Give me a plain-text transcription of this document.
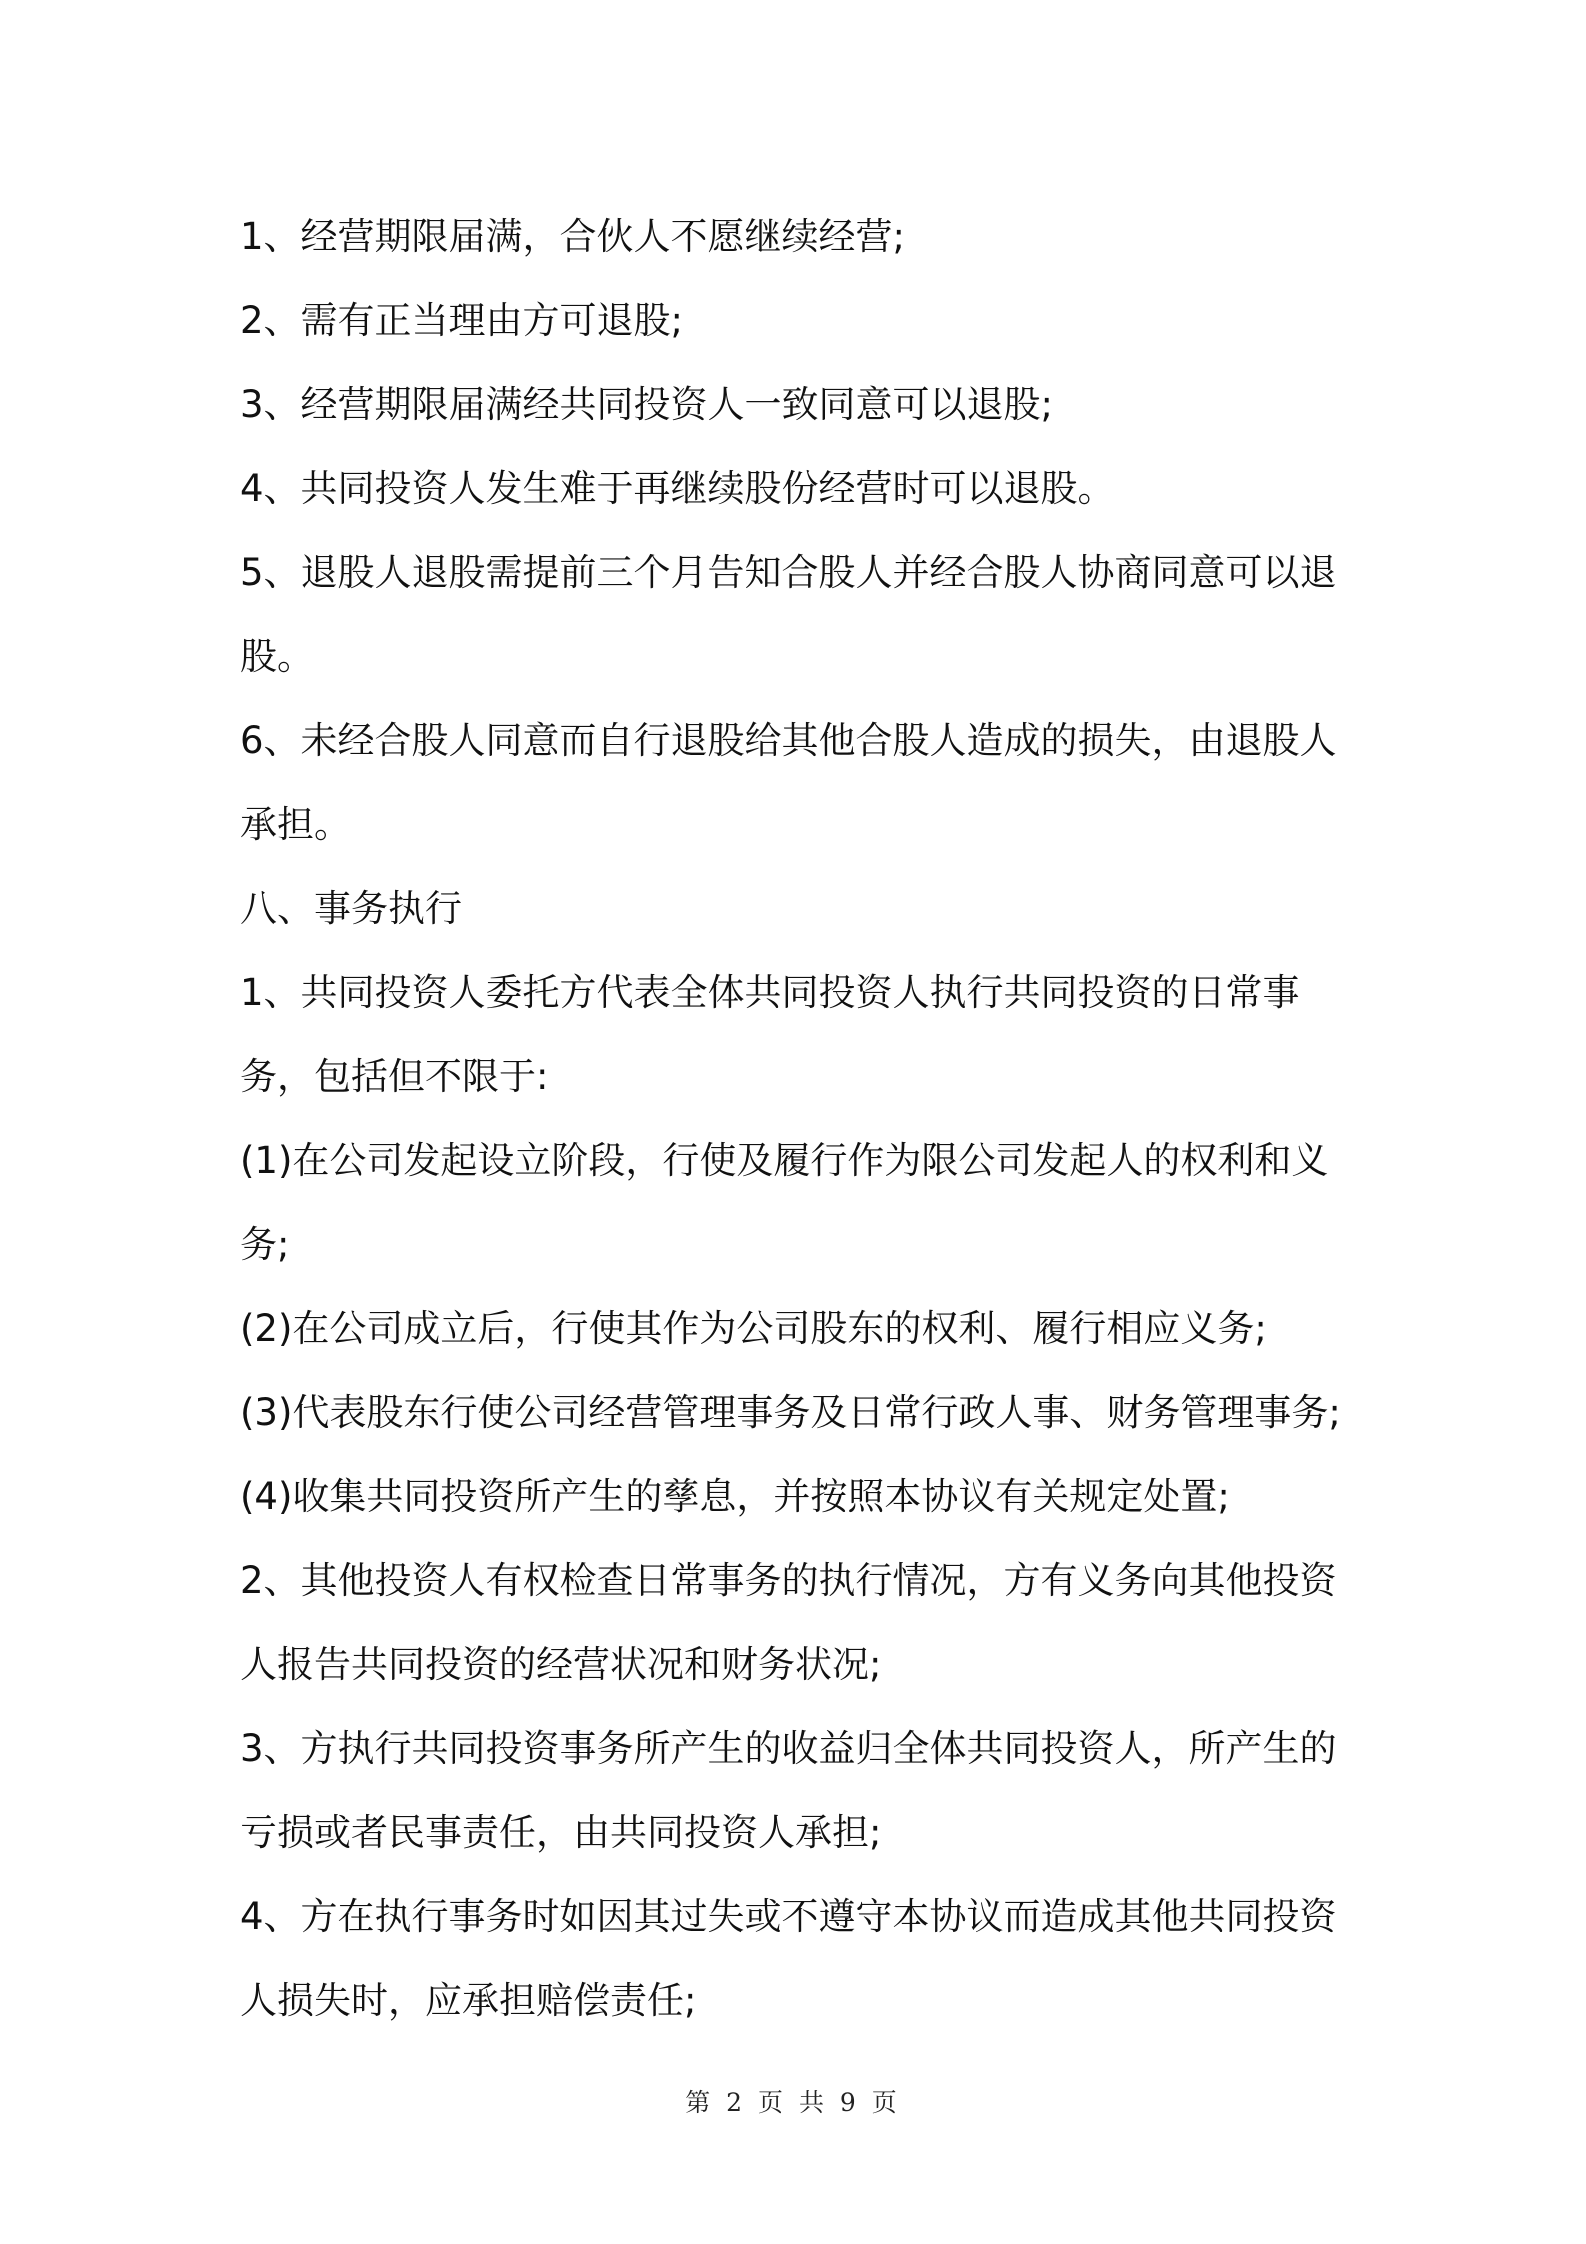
1、经营期限届满，合伙人不愿继续经营;

2、需有正当理由方可退股;

3、经营期限届满经共同投资人一致同意可以退股;

4、共同投资人发生难于再继续股份经营时可以退股。

5、退股人退股需提前三个月告知合股人并经合股人协商同意可以退股。

6、未经合股人同意而自行退股给其他合股人造成的损失，由退股人承担。

八、事务执行

1、共同投资人委托方代表全体共同投资人执行共同投资的日常事务，包括但不限于:

(1)在公司发起设立阶段，行使及履行作为限公司发起人的权利和义务;

(2)在公司成立后，行使其作为公司股东的权利、履行相应义务;

(3)代表股东行使公司经营管理事务及日常行政人事、财务管理事务;

(4)收集共同投资所产生的孳息，并按照本协议有关规定处置;

2、其他投资人有权检查日常事务的执行情况，方有义务向其他投资人报告共同投资的经营状况和财务状况;

3、方执行共同投资事务所产生的收益归全体共同投资人，所产生的亏损或者民事责任，由共同投资人承担;

4、方在执行事务时如因其过失或不遵守本协议而造成其他共同投资人损失时，应承担赔偿责任;

第 2 页 共 9 页
